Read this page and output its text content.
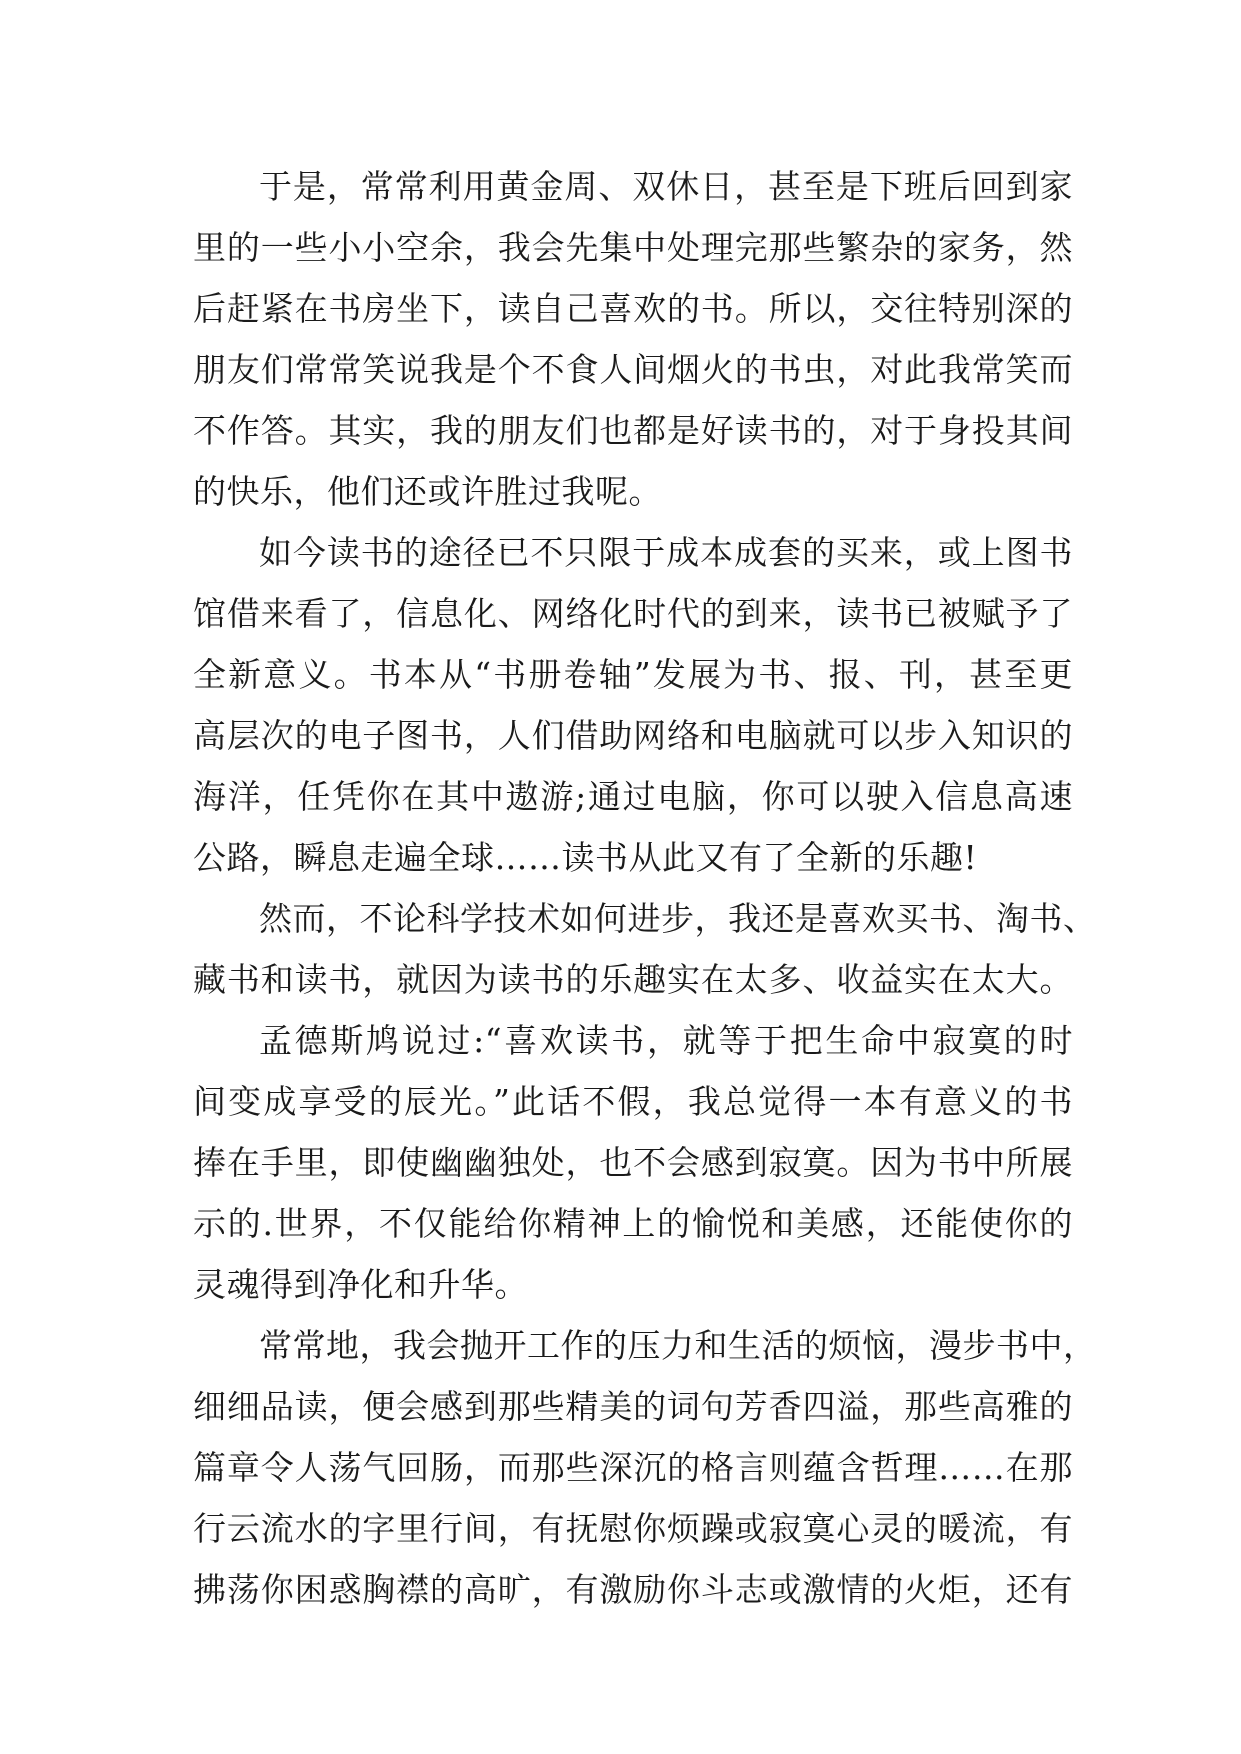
于是，常常利用黄金周、双休日，甚至是下班后回到家
里的一些小小空余，我会先集中处理完那些繁杂的家务，然
后赶紧在书房坐下，读自己喜欢的书。所以，交往特别深的
朋友们常常笑说我是个不食人间烟火的书虫，对此我常笑而
不作答。其实，我的朋友们也都是好读书的，对于身投其间
的快乐，他们还或许胜过我呢。
如今读书的途径已不只限于成本成套的买来，或上图书
馆借来看了，信息化、网络化时代的到来，读书已被赋予了
全新意义。书本从“书册卷轴”发展为书、报、刊，甚至更
高层次的电子图书，人们借助网络和电脑就可以步入知识的
海洋，任凭你在其中遨游;通过电脑，你可以驶入信息高速
公路，瞬息走遍全球……读书从此又有了全新的乐趣!
然而，不论科学技术如何进步，我还是喜欢买书、淘书、
藏书和读书，就因为读书的乐趣实在太多、收益实在太大。
孟德斯鸠说过:“喜欢读书，就等于把生命中寂寞的时
间变成享受的辰光。”此话不假，我总觉得一本有意义的书
捧在手里，即使幽幽独处，也不会感到寂寞。因为书中所展
示的.世界，不仅能给你精神上的愉悦和美感，还能使你的
灵魂得到净化和升华。
常常地，我会抛开工作的压力和生活的烦恼，漫步书中，
细细品读，便会感到那些精美的词句芳香四溢，那些高雅的
篇章令人荡气回肠，而那些深沉的格言则蕴含哲理……在那
行云流水的字里行间，有抚慰你烦躁或寂寞心灵的暖流，有
拂荡你困惑胸襟的高旷，有激励你斗志或激情的火炬，还有
